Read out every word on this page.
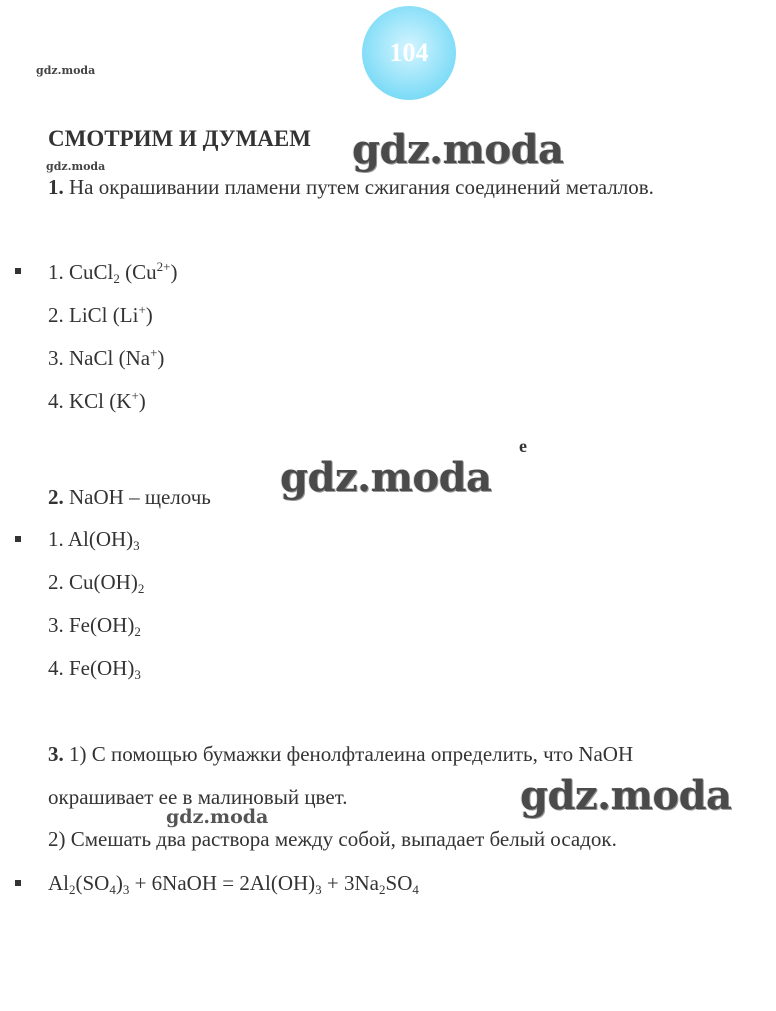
104
gdz.moda
gdz.moda
СМОТРИМ И ДУМАЕМ gdz.moda
1. На окрашивании пламени путем сжигания соединений металлов.
1. CuCl$_2$ $(Cu^{2+})$
2. LiCl (Li+)
3. NaCl (Na+)
4. KCl (K+)
e
gdz.moda
2. NaOH – щелочь
1. $Al(OH)_3$
2. $Cu(OH)_2$
3. $Fe(OH)_2$
4. $Fe(OH)_3$
3. 1) С помощью бумажки фенолфталеина определить, что NaOH
окрашивает ее в малиновый цвет.	gdz.moda
gdz.moda
2) Смешать два раствора между собой, выпадает белый осадок.
$Al_2(SO_4)_3$ + 6NaOH = $2Al(OH)_3 + 3Na_2SO_4$
